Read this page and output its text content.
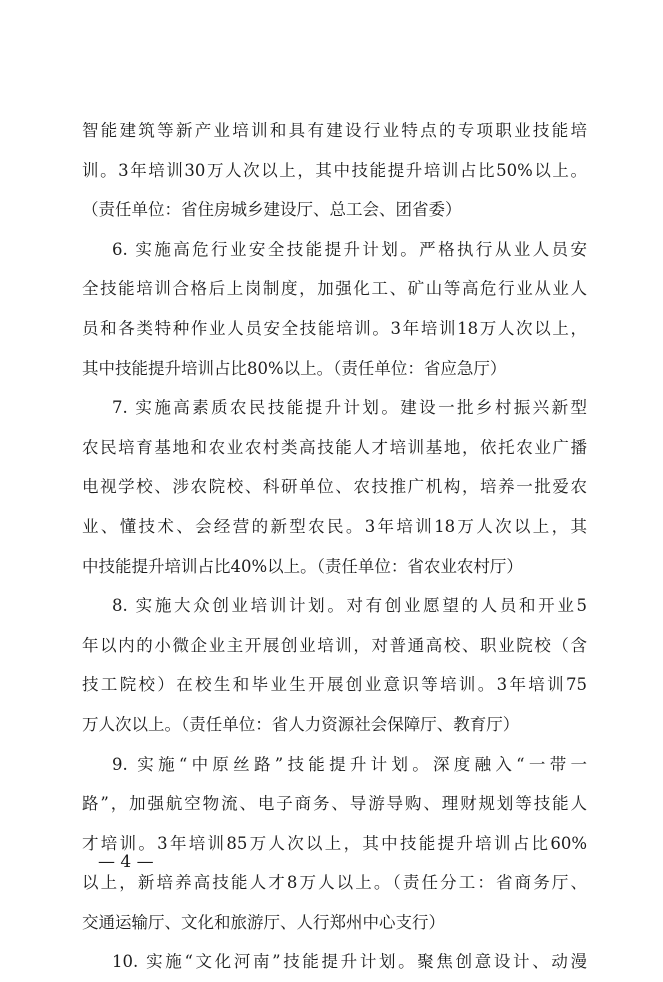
智能建筑等新产业培训和具有建设行业特点的专项职业技能培
训。3年培训30万人次以上，其中技能提升培训占比50%以上。
（责任单位：省住房城乡建设厅、总工会、团省委）
6. 实施高危行业安全技能提升计划。严格执行从业人员安
全技能培训合格后上岗制度，加强化工、矿山等高危行业从业人
员和各类特种作业人员安全技能培训。3年培训18万人次以上，
其中技能提升培训占比80%以上。（责任单位：省应急厅）
7. 实施高素质农民技能提升计划。建设一批乡村振兴新型
农民培育基地和农业农村类高技能人才培训基地，依托农业广播
电视学校、涉农院校、科研单位、农技推广机构，培养一批爱农
业、懂技术、会经营的新型农民。3年培训18万人次以上，其
中技能提升培训占比40%以上。（责任单位：省农业农村厅）
8. 实施大众创业培训计划。对有创业愿望的人员和开业5
年以内的小微企业主开展创业培训，对普通高校、职业院校（含
技工院校）在校生和毕业生开展创业意识等培训。3年培训75
万人次以上。（责任单位：省人力资源社会保障厅、教育厅）
9. 实施“中原丝路”技能提升计划。深度融入“一带一
路”，加强航空物流、电子商务、导游导购、理财规划等技能人
才培训。3年培训85万人次以上，其中技能提升培训占比60%
以上，新培养高技能人才8万人以上。（责任分工：省商务厅、
交通运输厅、文化和旅游厅、人行郑州中心支行）
10. 实施“文化河南”技能提升计划。聚焦创意设计、动漫
— 4 —
